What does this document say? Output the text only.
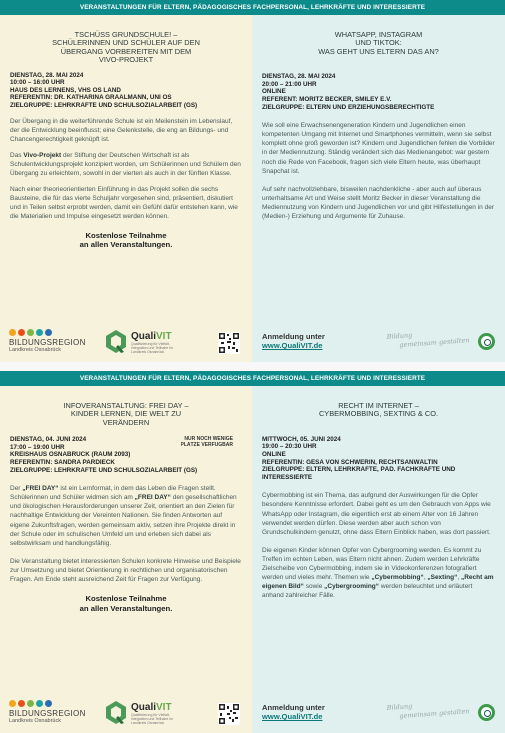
VERANSTALTUNGEN FÜR ELTERN, PÄDAGOGISCHES FACHPERSONAL, LEHRKRÄFTE UND INTERESSIERTE
TSCHÜSS GRUNDSCHULE! –
SCHÜLERINNEN UND SCHÜLER AUF DEN
ÜBERGANG VORBEREITEN MIT DEM
VIVO-PROJEKT
DIENSTAG, 28. MAI 2024
10:00 – 16:00 UHR
HAUS DES LERNENS, VHS OS LAND
REFERENTIN: DR. KATHARINA GRAALMANN, UNI OS
ZIELGRUPPE: LEHRKRÄFTE UND SCHULSOZIALARBEIT (GS)
Der Übergang in die weiterführende Schule ist ein Meilenstein im Lebenslauf, der die Entwicklung beeinflusst; eine Gelenkstelle, die eng an Bildungs- und Chancengerechtigkeit geknüpft ist.
Das Vivo-Projekt der Stiftung der Deutschen Wirtschaft ist als Schulentwicklungsprojekt konzipiert worden, um Schülerinnen und Schülern den Übergang zu erleichtern, sowohl in der vierten als auch in der fünften Klasse.
Nach einer theorieorientierten Einführung in das Projekt sollen die sechs Bausteine, die für das vierte Schuljahr vorgesehen sind, präsentiert, diskutiert und in Teilen selbst erprobt werden, damit ein Gefühl dafür entstehen kann, wie die Materialien und Impulse eingesetzt werden können.
Kostenlose Teilnahme
an allen Veranstaltungen.
BILDUNGSREGION
Landkreis Osnabrück
QualiVIT
Qualifizierung für Vielfalt, Integration und Teilhabe im Landkreis Osnabrück
WHATSAPP, INSTAGRAM
UND TIKTOK:
WAS GEHT UNS ELTERN DAS AN?
DIENSTAG, 28. MAI 2024
20:00 – 21:00 UHR
ONLINE
REFERENT: MORITZ BECKER, SMILEY E.V.
ZIELGRUPPE: ELTERN UND ERZIEHUNGSBERECHTIGTE
Wie soll eine Erwachsenengeneration Kindern und Jugendlichen einen kompetenten Umgang mit Internet und Smartphones vermitteln, wenn sie selbst komplett ohne groß geworden ist? Kindern und Jugendlichen fehlen die Vorbilder in der Mediennutzung. Ständig verändert sich das Medienangebot: war gestern noch die Rede von Facebook, fragen sich viele Eltern heute, was überhaupt Snapchat ist.
Auf sehr nachvollziehbare, bisweilen nachdenkliche - aber auch auf überaus unterhaltsame Art und Weise stellt Moritz Becker in dieser Veranstaltung die Mediennutzung von Kindern und Jugendlichen vor und gibt Hilfestellungen in der (Medien-) Erziehung und Argumente für Zuhause.
Anmeldung unter
www.QualiVIT.de
Bildung
gemeinsam gestalten
VERANSTALTUNGEN FÜR ELTERN, PÄDAGOGISCHES FACHPERSONAL, LEHRKRÄFTE UND INTERESSIERTE
INFOVERANSTALTUNG: FREI DAY –
KINDER LERNEN, DIE WELT ZU
VERÄNDERN
NUR NOCH WENIGE
PLÄTZE VERFÜGBAR
DIENSTAG, 04. JUNI 2024
17:00 – 19:00 UHR
KREISHAUS OSNABRÜCK (RAUM 2093)
REFERENTIN: SANDRA PARDIECK
ZIELGRUPPE: LEHRKRÄFTE UND SCHULSOZIALARBEIT (GS)
Der „FREI DAY“ ist ein Lernformat, in dem das Leben die Fragen stellt. Schülerinnen und Schüler widmen sich am „FREI DAY“ den gesellschaftlichen und ökologischen Herausforderungen unserer Zeit, orientiert an den Zielen für nachhaltige Entwicklung der Vereinten Nationen. Sie finden Antworten auf eigene Zukunftsfragen, werden gemeinsam aktiv, setzen ihre Projekte direkt in der Schule oder im schulischen Umfeld um und erleben sich dabei als selbstwirksam und handlungsfähig.
Die Veranstaltung bietet interessierten Schulen konkrete Hinweise und Beispiele zur Umsetzung und bietet Orientierung in rechtlichen und organisatorischen Fragen. Am Ende steht ausreichend Zeit für Fragen zur Verfügung.
Kostenlose Teilnahme
an allen Veranstaltungen.
BILDUNGSREGION
Landkreis Osnabrück
QualiVIT
Qualifizierung für Vielfalt, Integration und Teilhabe im Landkreis Osnabrück
RECHT IM INTERNET –
CYBERMOBBING, SEXTING & CO.
MITTWOCH, 05. JUNI 2024
19:00 – 20:30 UHR
ONLINE
REFERENTIN: GESA VON SCHWERIN, RECHTSANWÄLTIN
ZIELGRUPPE: ELTERN, LEHRKRÄFTE, PÄD. FACHKRÄFTE UND INTERESSIERTE
Cybermobbing ist ein Thema, das aufgrund der Auswirkungen für die Opfer besondere Kenntnisse erfordert. Dabei geht es um den Gebrauch von Apps wie WhatsApp oder Instagram, die eigentlich erst ab einem Alter von 16 Jahren verwendet werden dürfen. Diese werden aber auch schon von Grundschulkindern genutzt, ohne dass Eltern Einblick haben, was dort passiert.
Die eigenen Kinder können Opfer von Cybergrooming werden. Es kommt zu Treffen im echten Leben, was Eltern nicht ahnen. Zudem werden Lehrkräfte Zielscheibe von Cybermobbing, indem sie in Videokonferenzen fotografiert werden und vieles mehr. Themen wie „Cybermobbing“, „Sexting“, „Recht am eigenen Bild“ sowie „Cybergrooming“ werden beleuchtet und erläutert anhand zahlreicher Fälle.
Anmeldung unter
www.QualiVIT.de
Bildung
gemeinsam gestalten
